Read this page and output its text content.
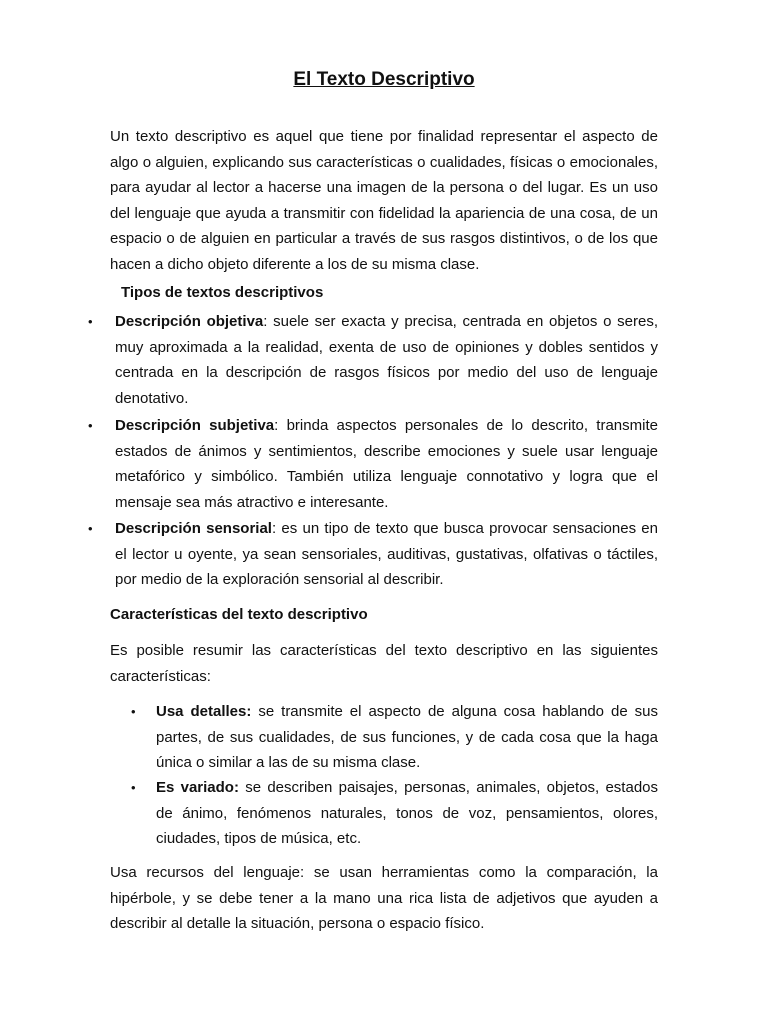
El Texto Descriptivo
Un texto descriptivo es aquel que tiene por finalidad representar el aspecto de algo o alguien, explicando sus características o cualidades, físicas o emocionales, para ayudar al lector a hacerse una imagen de la persona o del lugar. Es un uso del lenguaje que ayuda a transmitir con fidelidad la apariencia de una cosa, de un espacio o de alguien en particular a través de sus rasgos distintivos, o de los que hacen a dicho objeto diferente a los de su misma clase.
Tipos de textos descriptivos
•	Descripción objetiva: suele ser exacta y precisa, centrada en objetos o seres, muy aproximada a la realidad, exenta de uso de opiniones y dobles sentidos y centrada en la descripción de rasgos físicos por medio del uso de lenguaje denotativo.
•	Descripción subjetiva: brinda aspectos personales de lo descrito, transmite estados de ánimos y sentimientos, describe emociones y suele usar lenguaje metafórico y simbólico. También utiliza lenguaje connotativo y logra que el mensaje sea más atractivo e interesante.
•	Descripción sensorial: es un tipo de texto que busca provocar sensaciones en el lector u oyente, ya sean sensoriales, auditivas, gustativas, olfativas o táctiles, por medio de la exploración sensorial al describir.
Características del texto descriptivo
Es posible resumir las características del texto descriptivo en las siguientes características:
• Usa detalles: se transmite el aspecto de alguna cosa hablando de sus partes, de sus cualidades, de sus funciones, y de cada cosa que la haga única o similar a las de su misma clase.
• Es variado: se describen paisajes, personas, animales, objetos, estados de ánimo, fenómenos naturales, tonos de voz, pensamientos, olores, ciudades, tipos de música, etc.
Usa recursos del lenguaje: se usan herramientas como la comparación, la hipérbole, y se debe tener a la mano una rica lista de adjetivos que ayuden a describir al detalle la situación, persona o espacio físico.
